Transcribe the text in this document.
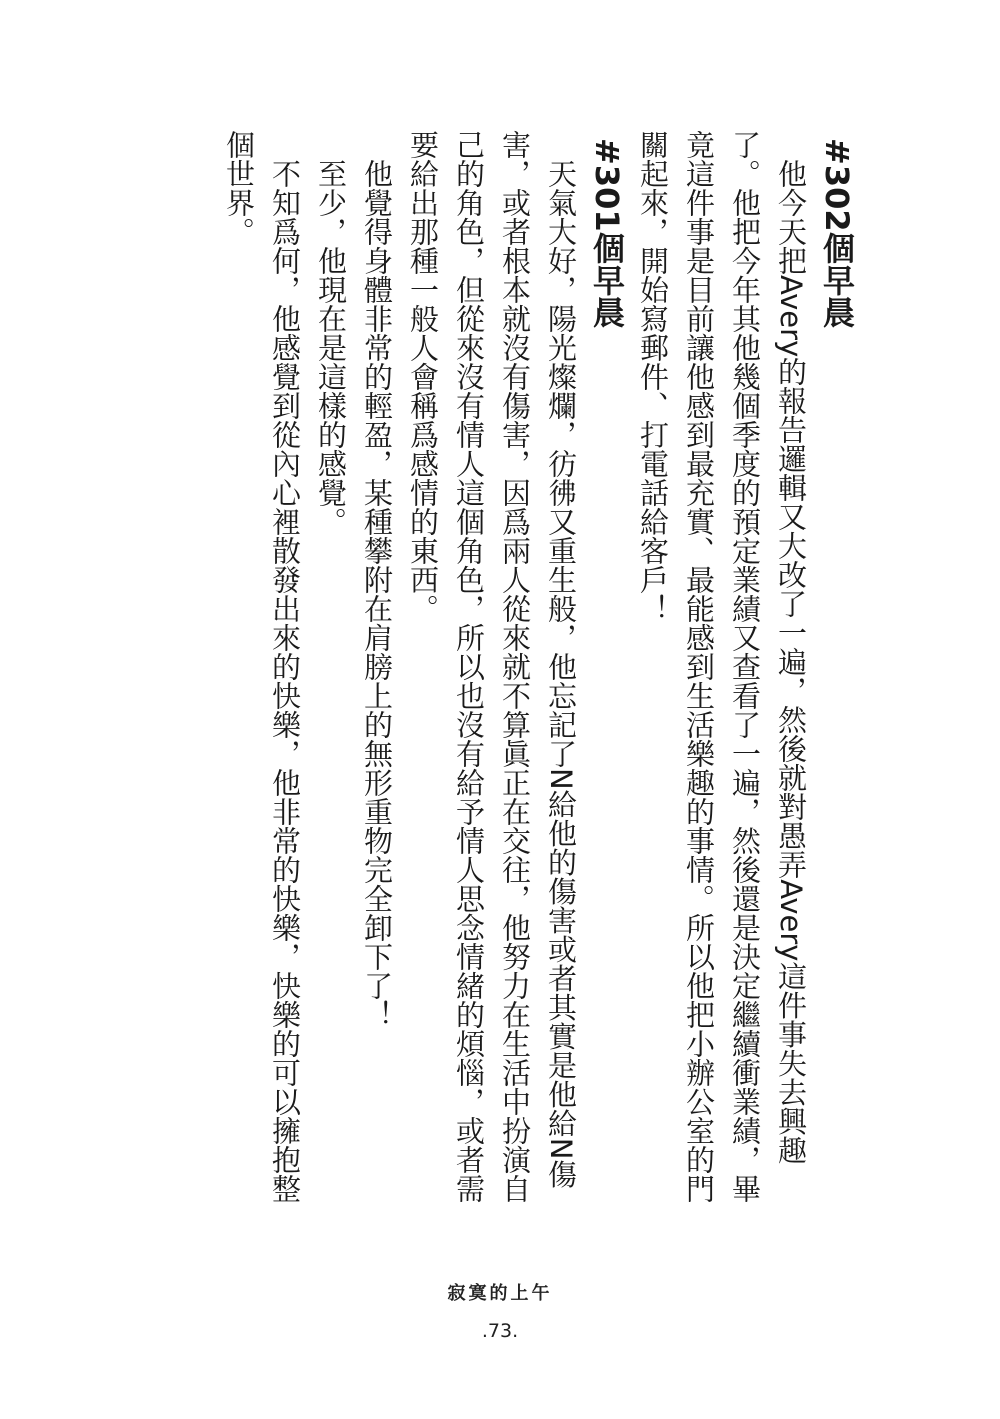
#302個早晨

他今天把Avery的報告邏輯又大改了一遍，然後就對愚弄Avery這件事失去興趣了。他把今年其他幾個季度的預定業績又查看了一遍，然後還是決定繼續衝業績，畢竟這件事是目前讓他感到最充實、最能感到生活樂趣的事情。所以他把小辦公室的門關起來，開始寫郵件、打電話給客戶！

#301個早晨

天氣大好，陽光燦爛，彷彿又重生般，他忘記了N給他的傷害或者其實是他給N傷害，或者根本就沒有傷害，因爲兩人從來就不算眞正在交往，他努力在生活中扮演自己的角色，但從來沒有情人這個角色，所以也沒有給予情人思念情緒的煩惱，或者需要給出那種一般人會稱爲感情的東西。

他覺得身體非常的輕盈，某種攀附在肩膀上的無形重物完全卸下了！

至少，他現在是這樣的感覺。

不知爲何，他感覺到從內心裡散發出來的快樂，他非常的快樂，快樂的可以擁抱整個世界。

寂寞的上午
.73.
